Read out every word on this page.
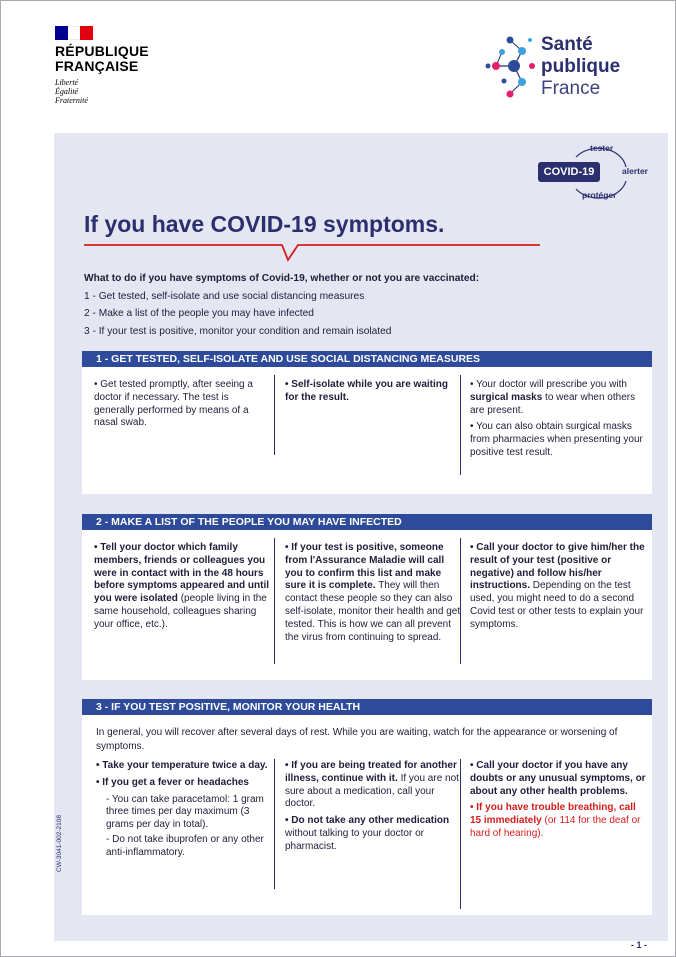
RÉPUBLIQUE
FRANÇAISE
Liberté
Égalité
Fraternité
Santé
publique
France
COVID-19
tester
alerter
protéger
If you have COVID-19 symptoms.
What to do if you have symptoms of Covid-19, whether or not you are vaccinated:
1 - Get tested, self-isolate and use social distancing measures
2 - Make a list of the people you may have infected
3 - If your test is positive, monitor your condition and remain isolated
1 - GET TESTED, SELF-ISOLATE AND USE SOCIAL DISTANCING MEASURES

• Get tested promptly, after seeing a doctor if necessary. The test is generally performed by means of a nasal swab.

• Self-isolate while you are waiting for the result.

• Your doctor will prescribe you with surgical masks to wear when others are present.

• You can also obtain surgical masks from pharmacies when presenting your positive test result.

2 - MAKE A LIST OF THE PEOPLE YOU MAY HAVE INFECTED

• Tell your doctor which family members, friends or colleagues you were in contact with in the 48 hours before symptoms appeared and until you were isolated (people living in the same household, colleagues sharing your office, etc.).

• If your test is positive, someone from l'Assurance Maladie will call you to confirm this list and make sure it is complete. They will then contact these people so they can also self-isolate, monitor their health and get tested. This is how we can all prevent the virus from continuing to spread.

• Call your doctor to give him/her the result of your test (positive or negative) and follow his/her instructions. Depending on the test used, you might need to do a second Covid test or other tests to explain your symptoms.

3 - IF YOU TEST POSITIVE, MONITOR YOUR HEALTH
In general, you will recover after several days of rest. While you are waiting, watch for the appearance or worsening of symptoms.

• Take your temperature twice a day.

• If you get a fever or headaches

- You can take paracetamol: 1 gram three times per day maximum (3 grams per day in total).

- Do not take ibuprofen or any other anti-inflammatory.

• If you are being treated for another illness, continue with it. If you are not sure about a medication, call your doctor.

• Do not take any other medication without talking to your doctor or pharmacist.

• Call your doctor if you have any doubts or any unusual symptoms, or about any other health problems.

• If you have trouble breathing, call 15 immediately (or 114 for the deaf or hard of hearing).

CW-3041-002-2108
- 1 -
